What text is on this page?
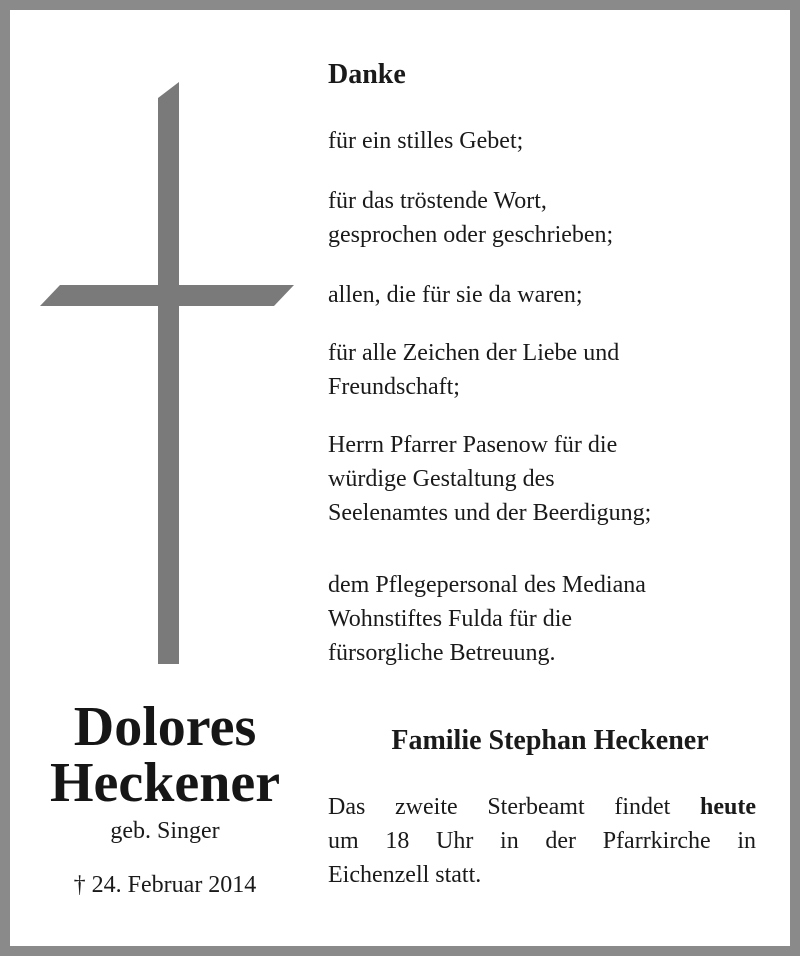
Danke
für ein stilles Gebet;
für das tröstende Wort,
gesprochen oder geschrieben;
allen, die für sie da waren;
für alle Zeichen der Liebe und
Freundschaft;
Herrn Pfarrer Pasenow für die
würdige Gestaltung des
Seelenamtes und der Beerdigung;
dem Pflegepersonal des Mediana
Wohnstiftes Fulda für die
fürsorgliche Betreuung.
Dolores
Heckener
geb. Singer
† 24. Februar 2014
Familie Stephan Heckener
Das zweite Sterbeamt findet heute
um 18 Uhr in der Pfarrkirche in
Eichenzell statt.
